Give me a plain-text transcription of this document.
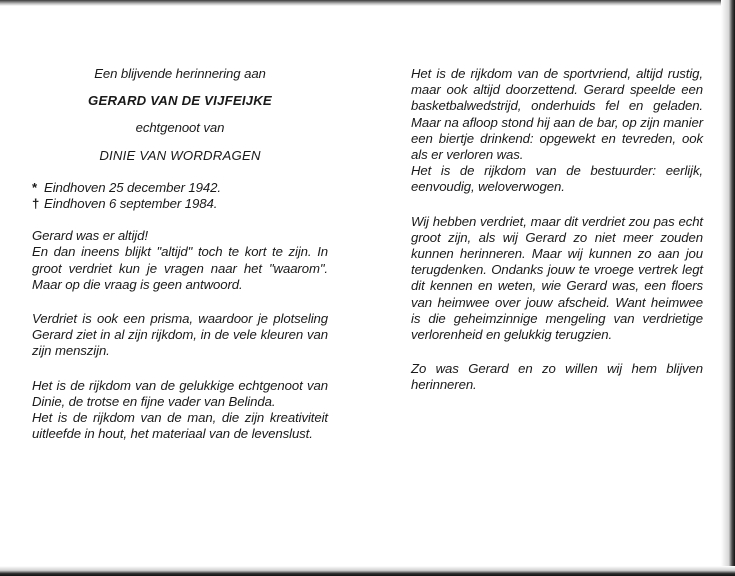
Een blijvende herinnering aan

GERARD VAN DE VIJFEIJKE

echtgenoot van

DINIE VAN WORDRAGEN

* Eindhoven 25 december 1942.

† Eindhoven 6 september 1984.

Gerard was er altijd!

En dan ineens blijkt "altijd" toch te kort te zijn. In groot verdriet kun je vragen naar het "waarom". Maar op die vraag is geen antwoord.

Verdriet is ook een prisma, waardoor je plotseling Gerard ziet in al zijn rijkdom, in de vele kleuren van zijn menszijn.

Het is de rijkdom van de gelukkige echtgenoot van Dinie, de trotse en fijne vader van Belinda.

Het is de rijkdom van de man, die zijn kreativiteit uitleefde in hout, het materiaal van de levenslust.

Het is de rijkdom van de sportvriend, altijd rustig, maar ook altijd doorzettend. Gerard speelde een basketbalwedstrijd, onderhuids fel en geladen. Maar na afloop stond hij aan de bar, op zijn manier een biertje drinkend: opgewekt en tevreden, ook als er verloren was.

Het is de rijkdom van de bestuurder: eerlijk, eenvoudig, weloverwogen.

Wij hebben verdriet, maar dit verdriet zou pas echt groot zijn, als wij Gerard zo niet meer zouden kunnen herinneren. Maar wij kunnen zo aan jou terugdenken. Ondanks jouw te vroege vertrek legt dit kennen en weten, wie Gerard was, een floers van heimwee over jouw afscheid. Want heimwee is die geheimzinnige mengeling van verdrietige verlorenheid en gelukkig terugzien.

Zo was Gerard en zo willen wij hem blijven herinneren.
